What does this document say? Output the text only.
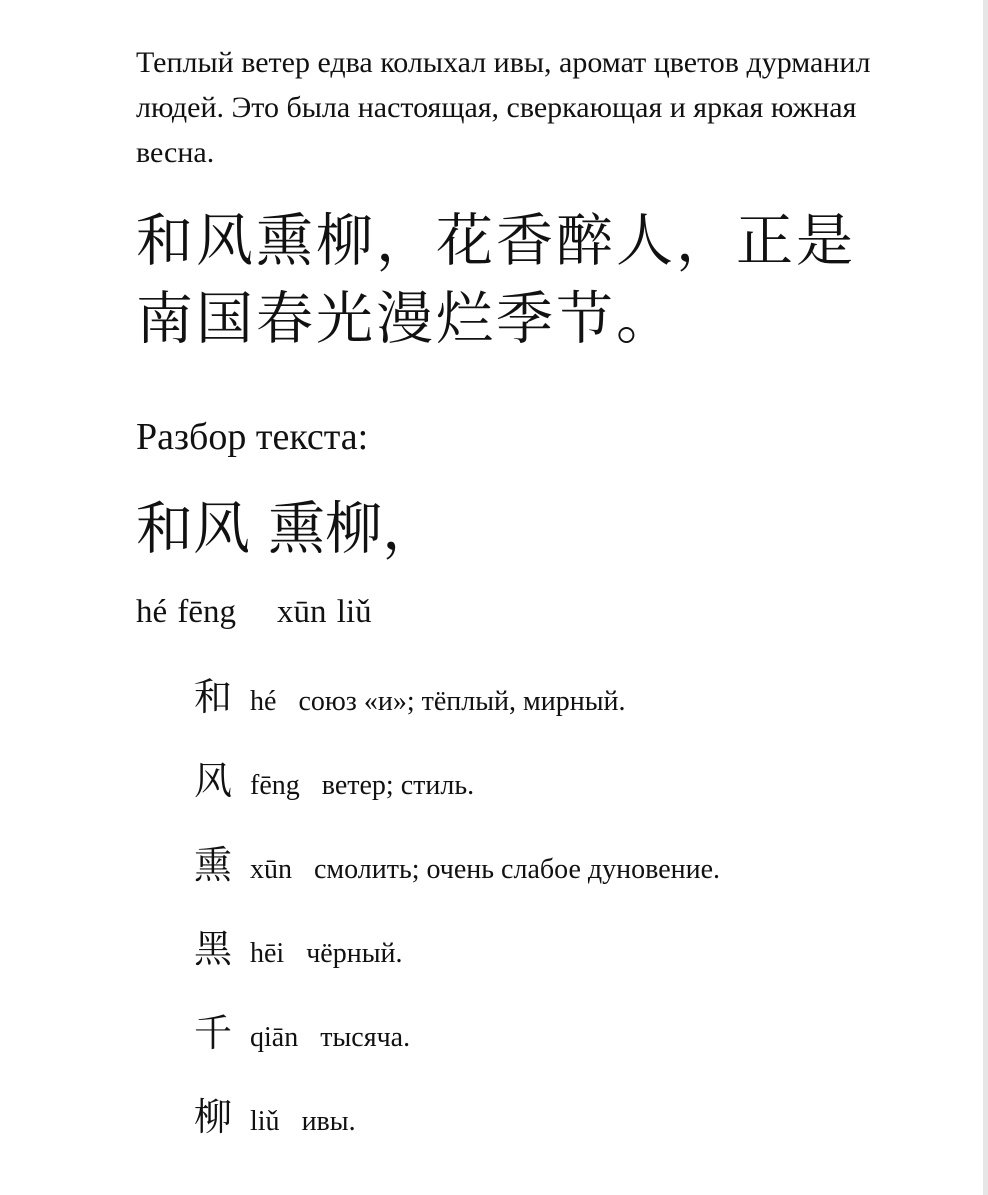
Теплый ветер едва колыхал ивы, аромат цветов дурманил людей. Это была настоящая, сверкающая и яркая южная весна.
和风熏柳，花香醉人，正是
南国春光漫烂季节。
Разбор текста:
和风 熏柳，
hé fēng    xūn liǔ
和 hé союз «и»; тёплый, мирный.
风 fēng ветер; стиль.
熏 xūn смолить; очень слабое дуновение.
黑 hēi чёрный.
千 qiān тысяча.
柳 liǔ ивы.
